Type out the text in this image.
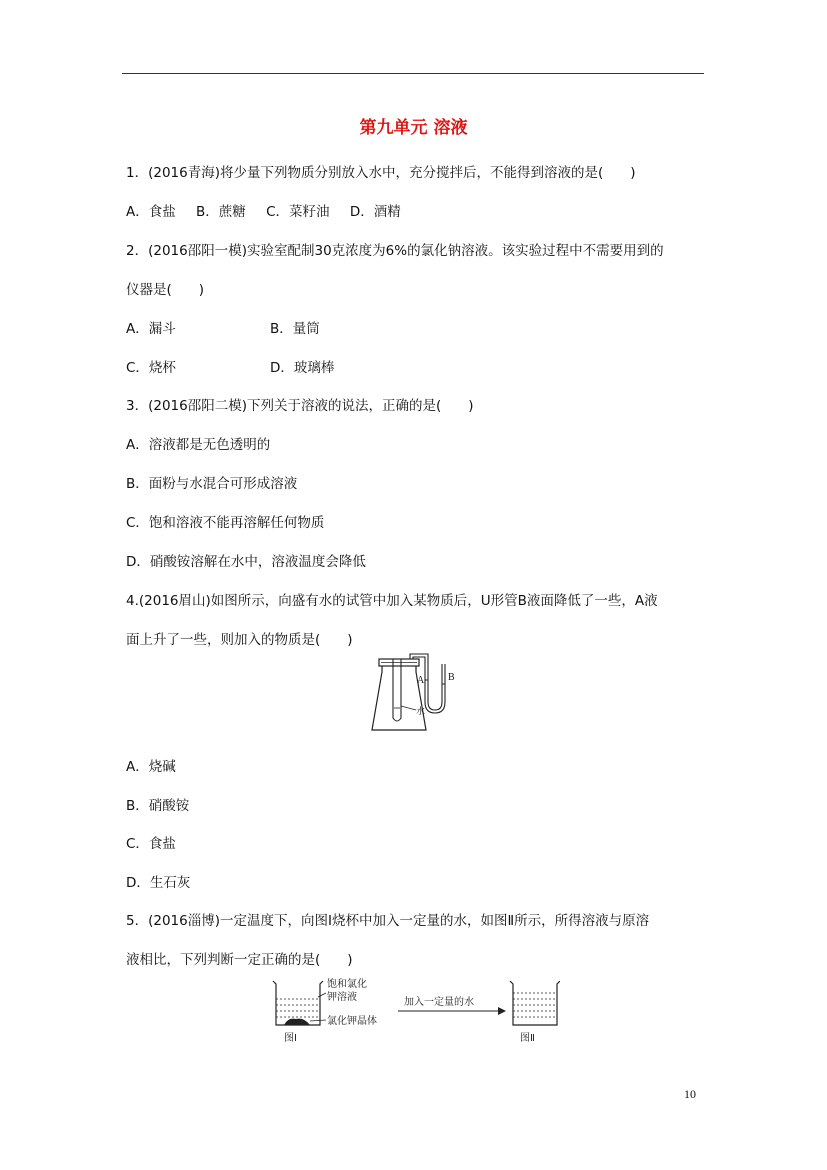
第九单元 溶液
1．(2016青海)将少量下列物质分别放入水中，充分搅拌后，不能得到溶液的是(　　)
A．食盐 B．蔗糖 C．菜籽油 D．酒精
2．(2016邵阳一模)实验室配制30克浓度为6%的氯化钠溶液。该实验过程中不需要用到的
仪器是(　　)
A．漏斗	B．量筒
C．烧杯	D．玻璃棒
3．(2016邵阳二模)下列关于溶液的说法，正确的是(　　)
A．溶液都是无色透明的
B．面粉与水混合可形成溶液
C．饱和溶液不能再溶解任何物质
D．硝酸铵溶解在水中，溶液温度会降低
4.(2016眉山)如图所示，向盛有水的试管中加入某物质后，U形管B液面降低了一些，A液
面上升了一些，则加入的物质是(　　)
A B
水
A．烧碱
B．硝酸铵
C．食盐
D．生石灰
5．(2016淄博)一定温度下，向图Ⅰ烧杯中加入一定量的水，如图Ⅱ所示，所得溶液与原溶
液相比，下列判断一定正确的是(　　)
饱和氯化
钾溶液
氯化钾晶体
图Ⅰ
加入一定量的水
图Ⅱ
10
